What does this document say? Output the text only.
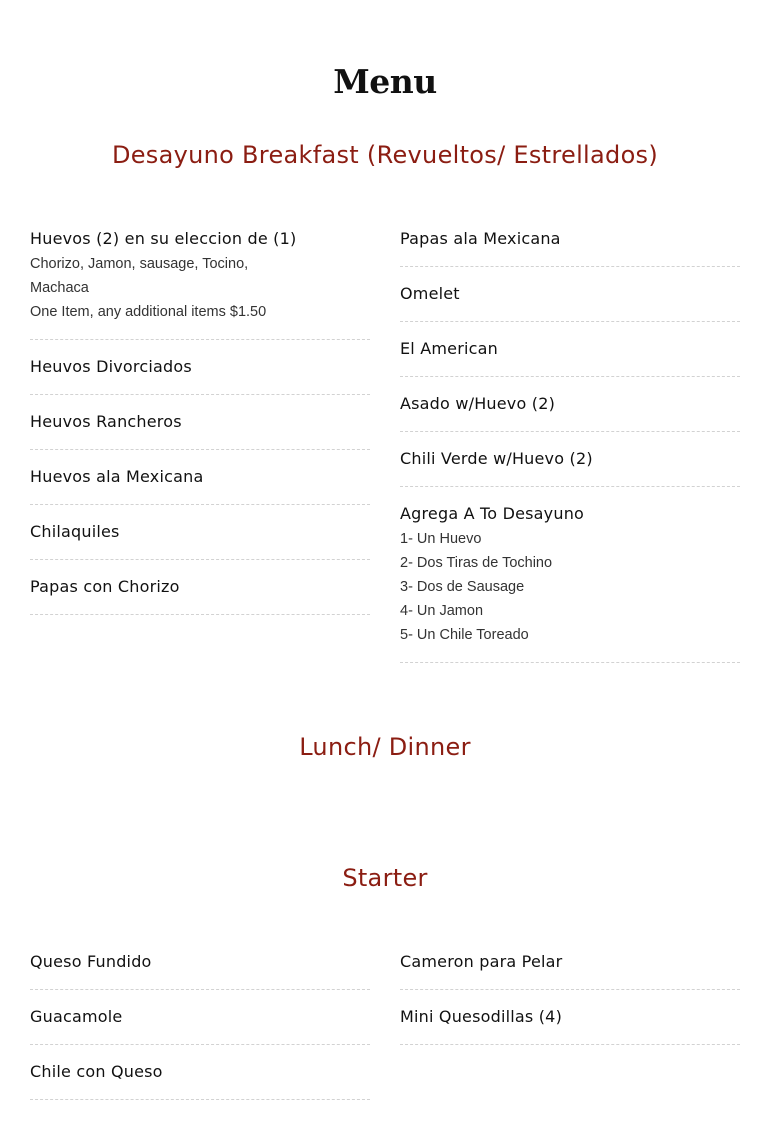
Menu
Desayuno Breakfast (Revueltos/ Estrellados)
Huevos (2) en su eleccion de (1)
Chorizo, Jamon, sausage, Tocino,
Machaca
One Item, any additional items $1.50
Heuvos Divorciados
Heuvos Rancheros
Huevos ala Mexicana
Chilaquiles
Papas con Chorizo
Papas ala Mexicana
Omelet
El American
Asado w/Huevo (2)
Chili Verde w/Huevo (2)
Agrega A To Desayuno
1- Un Huevo
2- Dos Tiras de Tochino
3- Dos de Sausage
4- Un Jamon
5- Un Chile Toreado
Lunch/ Dinner
Starter
Queso Fundido
Guacamole
Chile con Queso
Cameron para Pelar
Mini Quesodillas (4)
